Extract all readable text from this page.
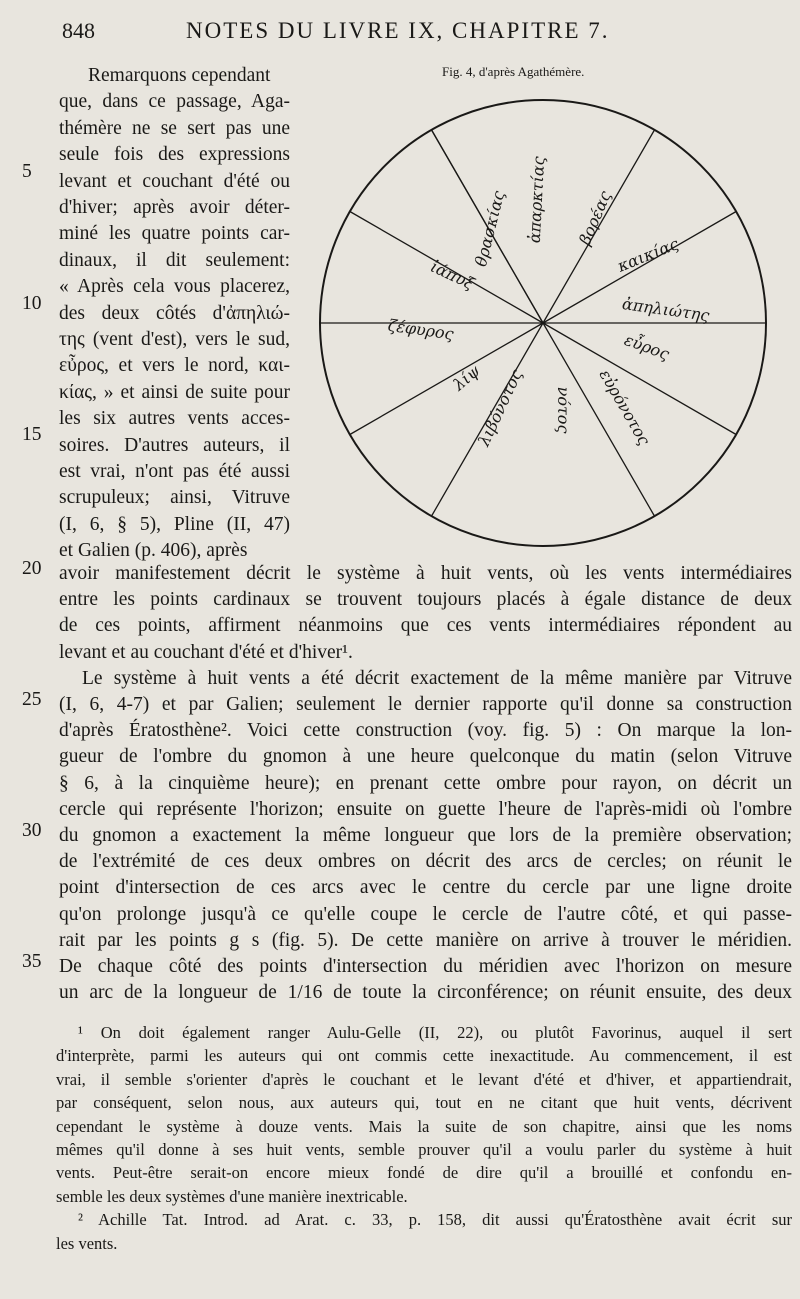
848	NOTES DU LIVRE IX, CHAPITRE 7.
Fig. 4, d'après Agathémère.
ἀπαρκτίας βορέας
καικίας
ἀπηλιώτης
εὖρος
εὐρόνοτος
νότος
λιβόνοτος
λίψ
ζέφυρος
ἰάπυξ
θρασκίας
Remarquons cependant
que, dans ce passage, Aga-
thémère ne se sert pas une
seule fois des expressions
levant et couchant d'été ou
d'hiver; après avoir déter-
miné les quatre points car-
dinaux, il dit seulement:
« Après cela vous placerez,
des deux côtés d'ἀπηλιώ-
της (vent d'est), vers le sud,
εὖρος, et vers le nord, και-
κίας, » et ainsi de suite pour
les six autres vents acces-
soires. D'autres auteurs, il
est vrai, n'ont pas été aussi
scrupuleux; ainsi, Vitruve
(I, 6, § 5), Pline (II, 47)
et Galien (p. 406), après
avoir manifestement décrit le système à huit vents, où les vents intermédiaires
entre les points cardinaux se trouvent toujours placés à égale distance de deux
de ces points, affirment néanmoins que ces vents intermédiaires répondent au
levant et au couchant d'été et d'hiver¹.
Le système à huit vents a été décrit exactement de la même manière par Vitruve
(I, 6, 4-7) et par Galien; seulement le dernier rapporte qu'il donne sa construction
d'après Ératosthène². Voici cette construction (voy. fig. 5) : On marque la lon-
gueur de l'ombre du gnomon à une heure quelconque du matin (selon Vitruve
§ 6, à la cinquième heure); en prenant cette ombre pour rayon, on décrit un
cercle qui représente l'horizon; ensuite on guette l'heure de l'après-midi où l'ombre
du gnomon a exactement la même longueur que lors de la première observation;
de l'extrémité de ces deux ombres on décrit des arcs de cercles; on réunit le
point d'intersection de ces arcs avec le centre du cercle par une ligne droite
qu'on prolonge jusqu'à ce qu'elle coupe le cercle de l'autre côté, et qui passe-
rait par les points g s (fig. 5). De cette manière on arrive à trouver le méridien.
De chaque côté des points d'intersection du méridien avec l'horizon on mesure
un arc de la longueur de 1/16 de toute la circonférence; on réunit ensuite, des deux
5
10
15
20
25
30
35
¹ On doit également ranger Aulu-Gelle (II, 22), ou plutôt Favorinus, auquel il sert
d'interprète, parmi les auteurs qui ont commis cette inexactitude. Au commencement, il est
vrai, il semble s'orienter d'après le couchant et le levant d'été et d'hiver, et appartiendrait,
par conséquent, selon nous, aux auteurs qui, tout en ne citant que huit vents, décrivent
cependant le système à douze vents. Mais la suite de son chapitre, ainsi que les noms
mêmes qu'il donne à ses huit vents, semble prouver qu'il a voulu parler du système à huit
vents. Peut-être serait-on encore mieux fondé de dire qu'il a brouillé et confondu en-
semble les deux systèmes d'une manière inextricable.
² Achille Tat. Introd. ad Arat. c. 33, p. 158, dit aussi qu'Ératosthène avait écrit sur
les vents.
